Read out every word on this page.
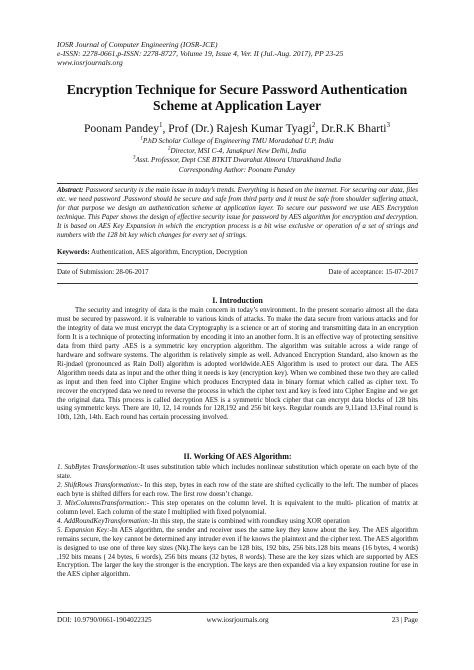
IOSR Journal of Computer Engineering (IOSR-JCE)
e-ISSN: 2278-0661,p-ISSN: 2278-8727, Volume 19, Issue 4, Ver. II (Jul.-Aug. 2017), PP 23-25
www.iosrjournals.org
Encryption Technique for Secure Password Authentication
Scheme at Application Layer
Poonam Pandey$^1$, Prof (Dr.) Rajesh Kumar Tyagi$^2$, Dr.R.K Bharti$^3$
$^1$P.hD Scholar College of Engineering TMU Moradabad U.P, India
$^2$Director, MSI C-4, Janakpuri New Delhi, India
$^3$Asst. Professor, Dept CSE BTKIT Dwarahat Almora Uttarakhand India
Corresponding Author: Poonam Pandey
Abstract: Password security is the main issue in today’s trends. Everything is based on the internet. For securing our data, files etc. we need password .Password should be secure and safe from third party and it must be safe from shoulder suffering attack, for that purpose we design an authentication scheme at application layer. To secure our password we use AES Encryption technique. This Paper shows the design of effective security issue for password by AES algorithm for encryption and decryption. It is based on AES Key Expansion in which the encryption process is a bit wise exclusive or operation of a set of strings and numbers with the 128 bit key which changes for every set of strings.
Keywords: Authentication, AES algorithm, Encryption, Decryption
Date of Submission: 28-06-2017	Date of acceptance: 15-07-2017
I. Introduction

The security and integrity of data is the main concern in today’s environment. In the present scenario almost all the data must be secured by password. it is vulnerable to various kinds of attacks. To make the data secure from various attacks and for the integrity of data we must encrypt the data Cryptography is a science or art of storing and transmitting data in an encryption form It is a technique of protecting information by encoding it into an another form. It is an effective way of protecting sensitive data from third party .AES is a symmetric key encryption algorithm. The algorithm was suitable across a wide range of hardware and software systems. The algorithm is relatively simple as well. Advanced Encryption Standard, also known as the Ri-jndael (pronounced as Rain Doll) algorithm is adopted worldwide.AES Algorithm is used to protect our data. The AES Algorithm needs data as input and the other thing it needs is key (encryption key). When we combined these two they are called as input and then feed into Cipher Engine which produces Encrypted data in binary format which called as cipher text. To recover the encrypted data we need to reverse the process in which the cipher text and key is feed into Cipher Engine and we get the original data. This process is called decryption AES is a symmetric block cipher that can encrypt data blocks of 128 bits using symmetric keys. There are 10, 12, 14 rounds for 128,192 and 256 bit keys. Regular rounds are 9,11and 13.Final round is 10th, 12th, 14th. Each round has certain processing involved.

II. Working Of AES Algorithm:
1. SubBytes Transformation:-It uses substitution table which includes nonlinear substitution which operate on each byte of the state.
2. ShiftRows Transformation:- In this step, bytes in each row of the state are shifted cyclically to the left. The number of places each byte is shifted differs for each row. The first row doesn’t change.
3. MixColumnsTransformation:- This step operates on the column level. It is equivalent to the multi- plication of matrix at column level. Each column of the state I multiplied with fixed polynomial.
4. AddRoundKeyTransformation:-In this step, the state is combined with roundkey using XOR operation
5. Expansion Key:-In AES algorithm, the sender and receiver uses the same key they know about the key. The AES algorithm remains secure, the key cannot be determined any intruder even if he knows the plaintext and the cipher text. The AES algorithm is designed to use one of three key sizes (Nk).The keys can be 128 bits, 192 bits, 256 bits.128 bits means (16 bytes, 4 words) ,192 bits means ( 24 bytes, 6 words), 256 bits means (32 bytes, 8 words). These are the key sizes which are supported by AES Encryption. The larger the key the stronger is the encryption. The keys are then expanded via a key expansion routine for use in the AES cipher algorithm.
DOI: 10.9790/0661-1904022325	www.iosrjournals.org	23 | Page
